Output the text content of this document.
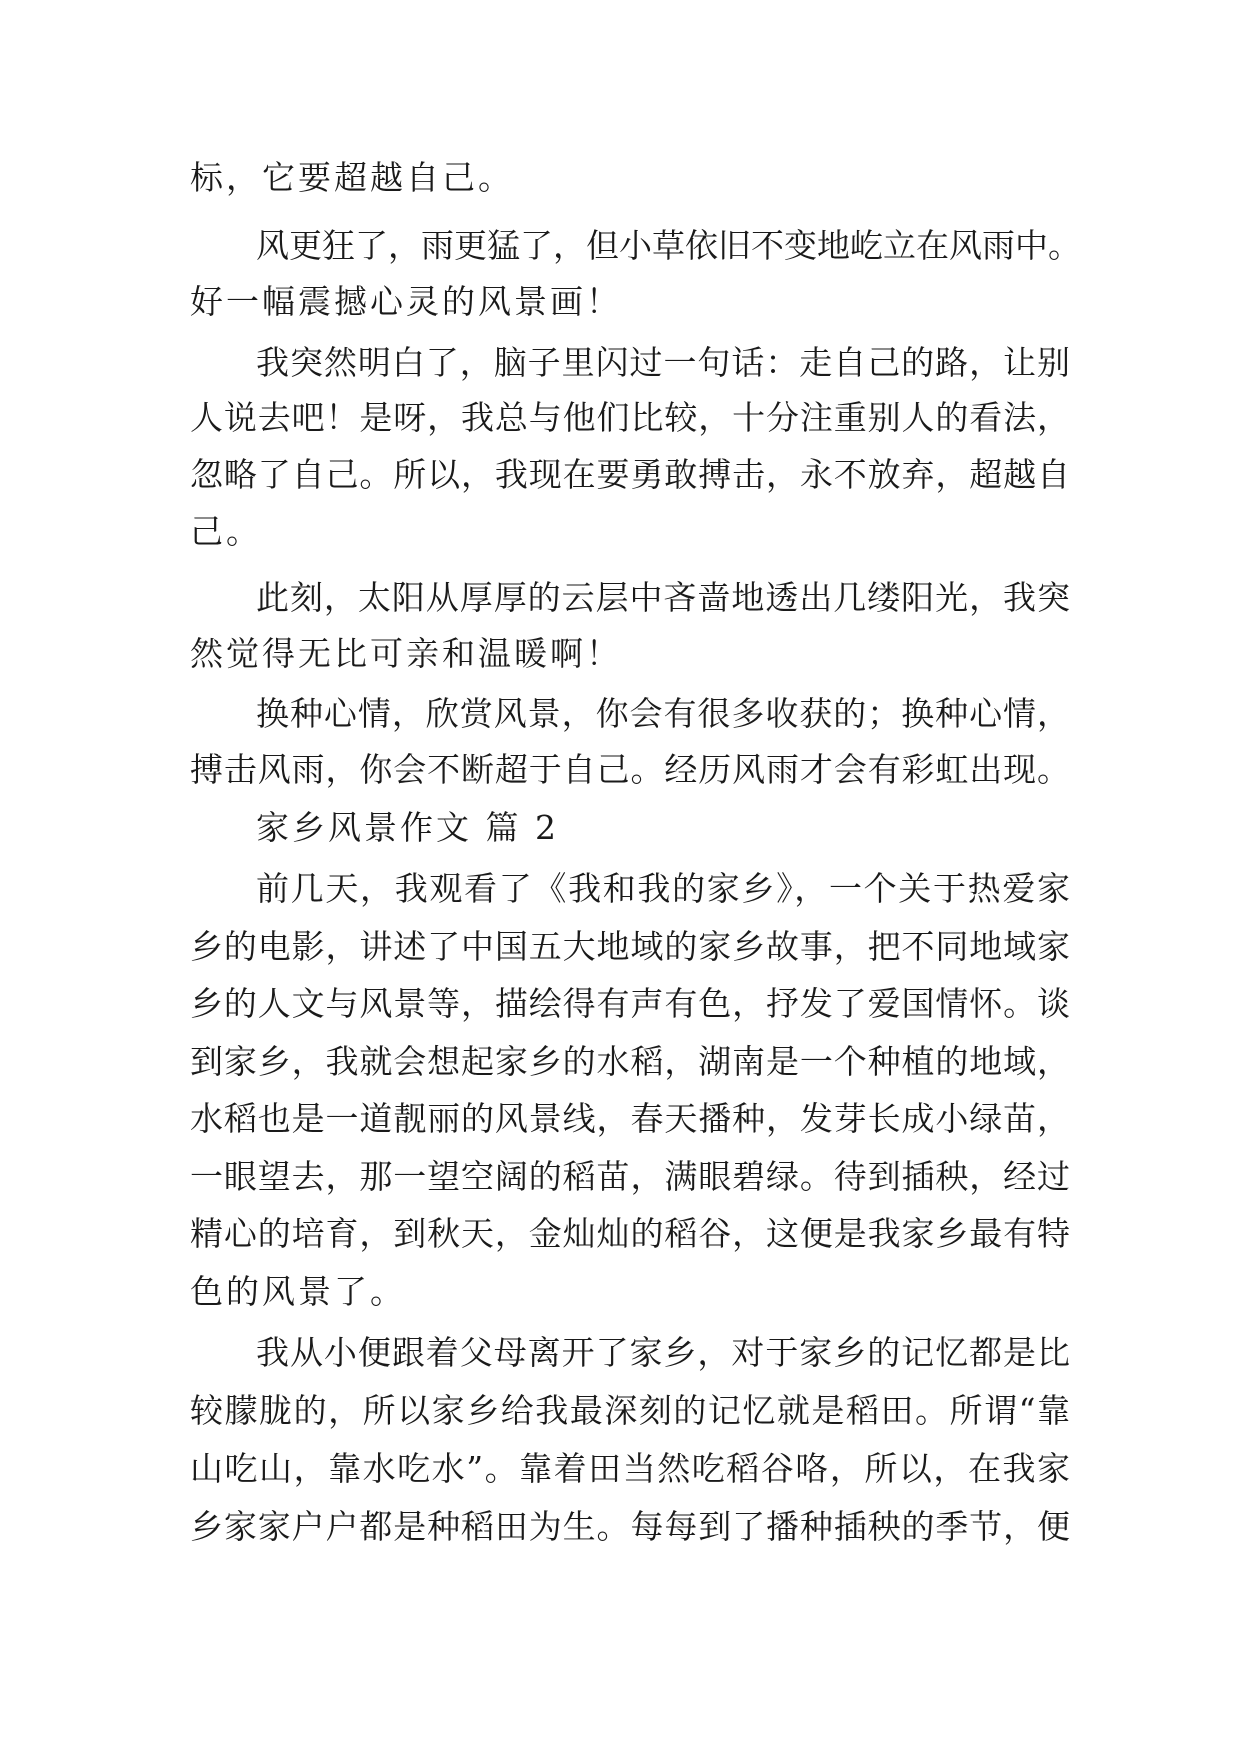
标，它要超越自己。
风更狂了，雨更猛了，但小草依旧不变地屹立在风雨中。
好一幅震撼心灵的风景画！
我突然明白了，脑子里闪过一句话：走自己的路，让别
人说去吧！是呀，我总与他们比较，十分注重别人的看法，
忽略了自己。所以，我现在要勇敢搏击，永不放弃，超越自
己。
此刻，太阳从厚厚的云层中吝啬地透出几缕阳光，我突
然觉得无比可亲和温暖啊！
换种心情，欣赏风景，你会有很多收获的；换种心情，
搏击风雨，你会不断超于自己。经历风雨才会有彩虹出现。
家乡风景作文 篇 2
前几天，我观看了《我和我的家乡》，一个关于热爱家
乡的电影，讲述了中国五大地域的家乡故事，把不同地域家
乡的人文与风景等，描绘得有声有色，抒发了爱国情怀。谈
到家乡，我就会想起家乡的水稻，湖南是一个种植的地域，
水稻也是一道靓丽的风景线，春天播种，发芽长成小绿苗，
一眼望去，那一望空阔的稻苗，满眼碧绿。待到插秧，经过
精心的培育，到秋天，金灿灿的稻谷，这便是我家乡最有特
色的风景了。
我从小便跟着父母离开了家乡，对于家乡的记忆都是比
较朦胧的，所以家乡给我最深刻的记忆就是稻田。所谓“靠
山吃山，靠水吃水”。靠着田当然吃稻谷咯，所以，在我家
乡家家户户都是种稻田为生。每每到了播种插秧的季节，便
